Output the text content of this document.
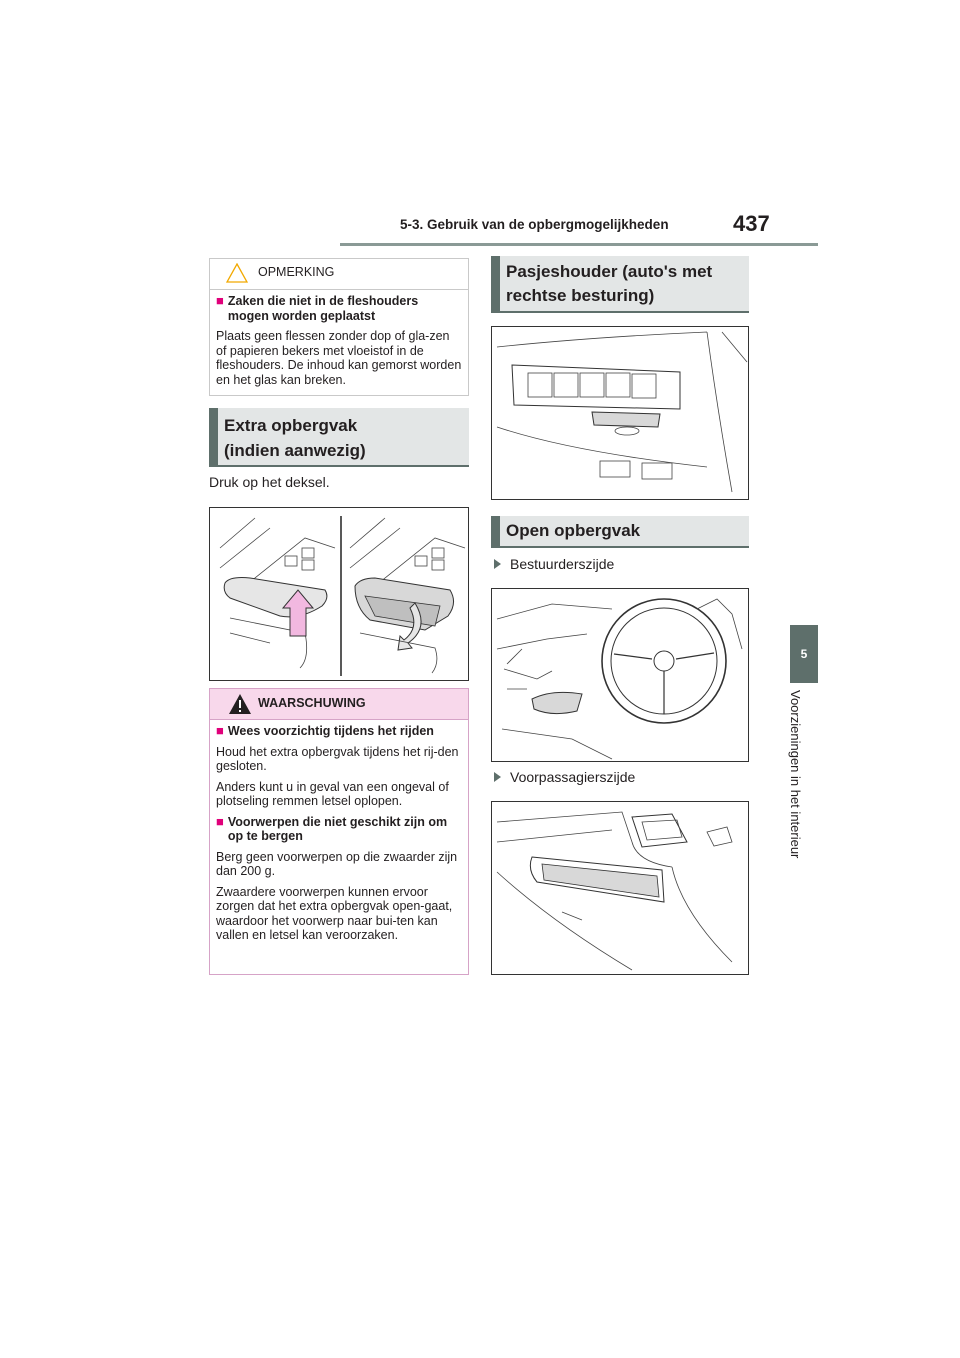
5-3. Gebruik van de opbergmogelijkheden	437
5
Voorzieningen in het interieur
OPMERKING
■ Zaken die niet in de fleshouders mogen worden geplaatst
Plaats geen flessen zonder dop of gla-zen of papieren bekers met vloeistof in de fleshouders. De inhoud kan gemorst worden en het glas kan breken.
Extra opbergvak
(indien aanwezig)
Druk op het deksel.
WAARSCHUWING
■ Wees voorzichtig tijdens het rijden
Houd het extra opbergvak tijdens het rij-den gesloten.
Anders kunt u in geval van een ongeval of plotseling remmen letsel oplopen.
■ Voorwerpen die niet geschikt zijn om op te bergen
Berg geen voorwerpen op die zwaarder zijn dan 200 g.
Zwaardere voorwerpen kunnen ervoor zorgen dat het extra opbergvak open-gaat, waardoor het voorwerp naar bui-ten kan vallen en letsel kan veroorzaken.
Pasjeshouder (auto's met
rechtse besturing)
Open opbergvak
Bestuurderszijde
Voorpassagierszijde
